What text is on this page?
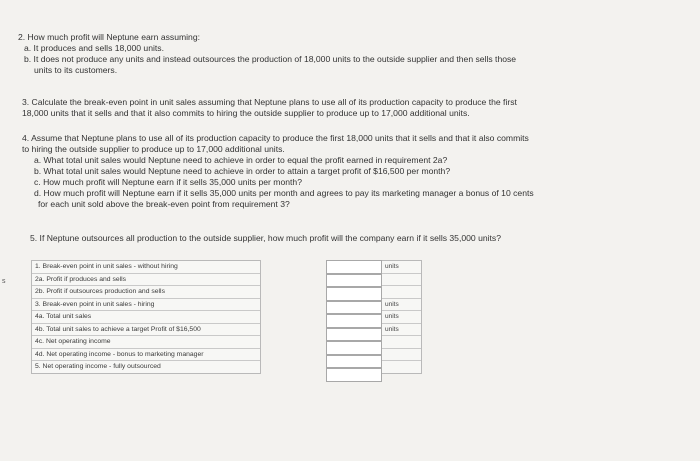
s
2. How much profit will Neptune earn assuming:
a. It produces and sells 18,000 units.
b. It does not produce any units and instead outsources the production of 18,000 units to the outside supplier and then sells those
units to its customers.
3. Calculate the break-even point in unit sales assuming that Neptune plans to use all of its production capacity to produce the first
18,000 units that it sells and that it also commits to hiring the outside supplier to produce up to 17,000 additional units.
4. Assume that Neptune plans to use all of its production capacity to produce the first 18,000 units that it sells and that it also commits
to hiring the outside supplier to produce up to 17,000 additional units.
a. What total unit sales would Neptune need to achieve in order to equal the profit earned in requirement 2a?
b. What total unit sales would Neptune need to achieve in order to attain a target profit of $16,500 per month?
c. How much profit will Neptune earn if it sells 35,000 units per month?
d. How much profit will Neptune earn if it sells 35,000 units per month and agrees to pay its marketing manager a bonus of 10 cents
for each unit sold above the break-even point from requirement 3?
5. If Neptune outsources all production to the outside supplier, how much profit will the company earn if it sells 35,000 units?
1. Break-even point in unit sales - without hiring
2a. Profit if produces and sells
2b. Profit if outsources production and sells
3. Break-even point in unit sales - hiring
4a. Total unit sales
4b. Total unit sales to achieve a target Profit of $16,500
4c. Net operating income
4d. Net operating income - bonus to marketing manager
5. Net operating income - fully outsourced
units
units
units
units
